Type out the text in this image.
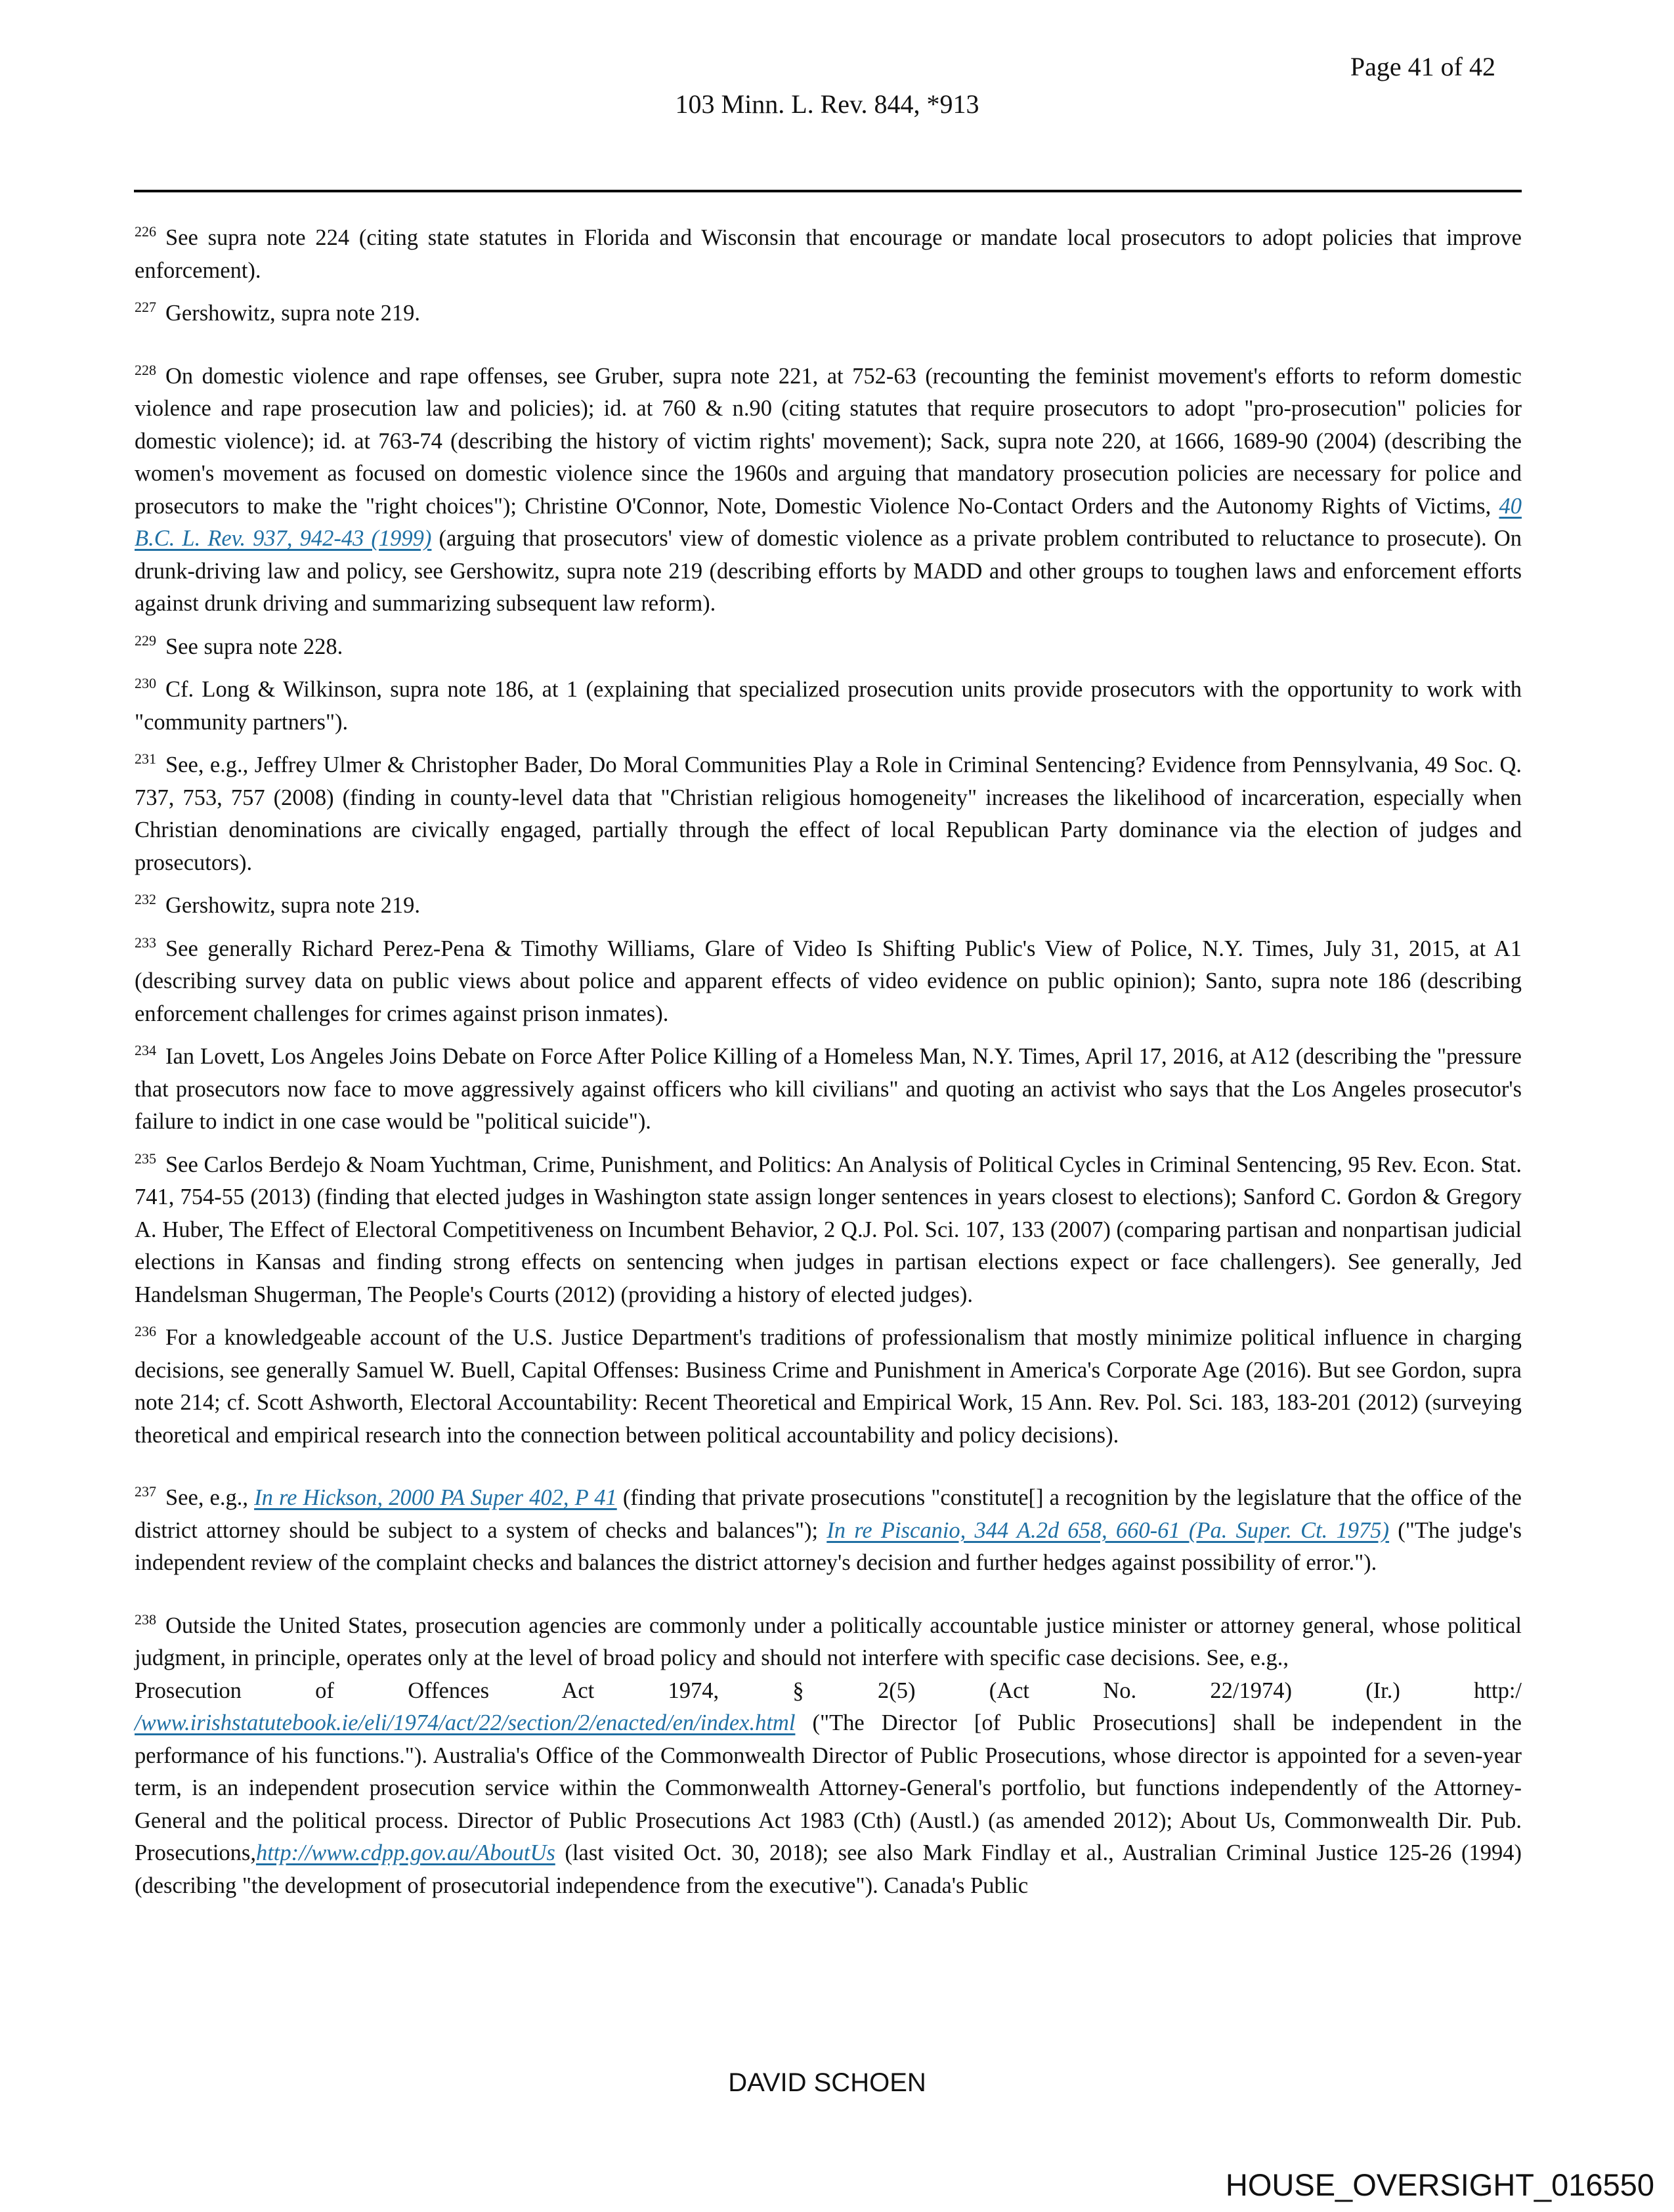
Page 41 of 42
103 Minn. L. Rev. 844, *913

$^{226}$ See supra note 224 (citing state statutes in Florida and Wisconsin that encourage or mandate local prosecutors to adopt policies that improve enforcement).

$^{227}$ Gershowitz, supra note 219.

$^{228}$ On domestic violence and rape offenses, see Gruber, supra note 221, at 752-63 (recounting the feminist movement's efforts to reform domestic violence and rape prosecution law and policies); id. at 760 & n.90 (citing statutes that require prosecutors to adopt "pro-prosecution" policies for domestic violence); id. at 763-74 (describing the history of victim rights' movement); Sack, supra note 220, at 1666, 1689-90 (2004) (describing the women's movement as focused on domestic violence since the 1960s and arguing that mandatory prosecution policies are necessary for police and prosecutors to make the "right choices"); Christine O'Connor, Note, Domestic Violence No-Contact Orders and the Autonomy Rights of Victims, 40 B.C. L. Rev. 937, 942-43 (1999) (arguing that prosecutors' view of domestic violence as a private problem contributed to reluctance to prosecute). On drunk-driving law and policy, see Gershowitz, supra note 219 (describing efforts by MADD and other groups to toughen laws and enforcement efforts against drunk driving and summarizing subsequent law reform).

$^{229}$ See supra note 228.

$^{230}$ Cf. Long & Wilkinson, supra note 186, at 1 (explaining that specialized prosecution units provide prosecutors with the opportunity to work with "community partners").

$^{231}$ See, e.g., Jeffrey Ulmer & Christopher Bader, Do Moral Communities Play a Role in Criminal Sentencing? Evidence from Pennsylvania, 49 Soc. Q. 737, 753, 757 (2008) (finding in county-level data that "Christian religious homogeneity" increases the likelihood of incarceration, especially when Christian denominations are civically engaged, partially through the effect of local Republican Party dominance via the election of judges and prosecutors).

$^{232}$ Gershowitz, supra note 219.

$^{233}$ See generally Richard Perez-Pena & Timothy Williams, Glare of Video Is Shifting Public's View of Police, N.Y. Times, July 31, 2015, at A1 (describing survey data on public views about police and apparent effects of video evidence on public opinion); Santo, supra note 186 (describing enforcement challenges for crimes against prison inmates).

$^{234}$ Ian Lovett, Los Angeles Joins Debate on Force After Police Killing of a Homeless Man, N.Y. Times, April 17, 2016, at A12 (describing the "pressure that prosecutors now face to move aggressively against officers who kill civilians" and quoting an activist who says that the Los Angeles prosecutor's failure to indict in one case would be "political suicide").

$^{235}$ See Carlos Berdejo & Noam Yuchtman, Crime, Punishment, and Politics: An Analysis of Political Cycles in Criminal Sentencing, 95 Rev. Econ. Stat. 741, 754-55 (2013) (finding that elected judges in Washington state assign longer sentences in years closest to elections); Sanford C. Gordon & Gregory A. Huber, The Effect of Electoral Competitiveness on Incumbent Behavior, 2 Q.J. Pol. Sci. 107, 133 (2007) (comparing partisan and nonpartisan judicial elections in Kansas and finding strong effects on sentencing when judges in partisan elections expect or face challengers). See generally, Jed Handelsman Shugerman, The People's Courts (2012) (providing a history of elected judges).

$^{236}$ For a knowledgeable account of the U.S. Justice Department's traditions of professionalism that mostly minimize political influence in charging decisions, see generally Samuel W. Buell, Capital Offenses: Business Crime and Punishment in America's Corporate Age (2016). But see Gordon, supra note 214; cf. Scott Ashworth, Electoral Accountability: Recent Theoretical and Empirical Work, 15 Ann. Rev. Pol. Sci. 183, 183-201 (2012) (surveying theoretical and empirical research into the connection between political accountability and policy decisions).

$^{237}$ See, e.g., In re Hickson, 2000 PA Super 402, P 41 (finding that private prosecutions "constitute[] a recognition by the legislature that the office of the district attorney should be subject to a system of checks and balances"); In re Piscanio, 344 A.2d 658, 660-61 (Pa. Super. Ct. 1975) ("The judge's independent review of the complaint checks and balances the district attorney's decision and further hedges against possibility of error.").

$^{238}$ Outside the United States, prosecution agencies are commonly under a politically accountable justice minister or attorney general, whose political judgment, in principle, operates only at the level of broad policy and should not interfere with specific case decisions. See, e.g.,
Prosecution of Offences Act 1974, § 2(5) (Act No. 22/1974) (Ir.) http:/
/www.irishstatutebook.ie/eli/1974/act/22/section/2/enacted/en/index.html ("The Director [of Public Prosecutions] shall be independent in the performance of his functions."). Australia's Office of the Commonwealth Director of Public Prosecutions, whose director is appointed for a seven-year term, is an independent prosecution service within the Commonwealth Attorney-General's portfolio, but functions independently of the Attorney-General and the political process. Director of Public Prosecutions Act 1983 (Cth) (Austl.) (as amended 2012); About Us, Commonwealth Dir. Pub. Prosecutions,http://www.cdpp.gov.au/AboutUs (last visited Oct. 30, 2018); see also Mark Findlay et al., Australian Criminal Justice 125-26 (1994) (describing "the development of prosecutorial independence from the executive"). Canada's Public

DAVID SCHOEN
HOUSE_OVERSIGHT_016550
